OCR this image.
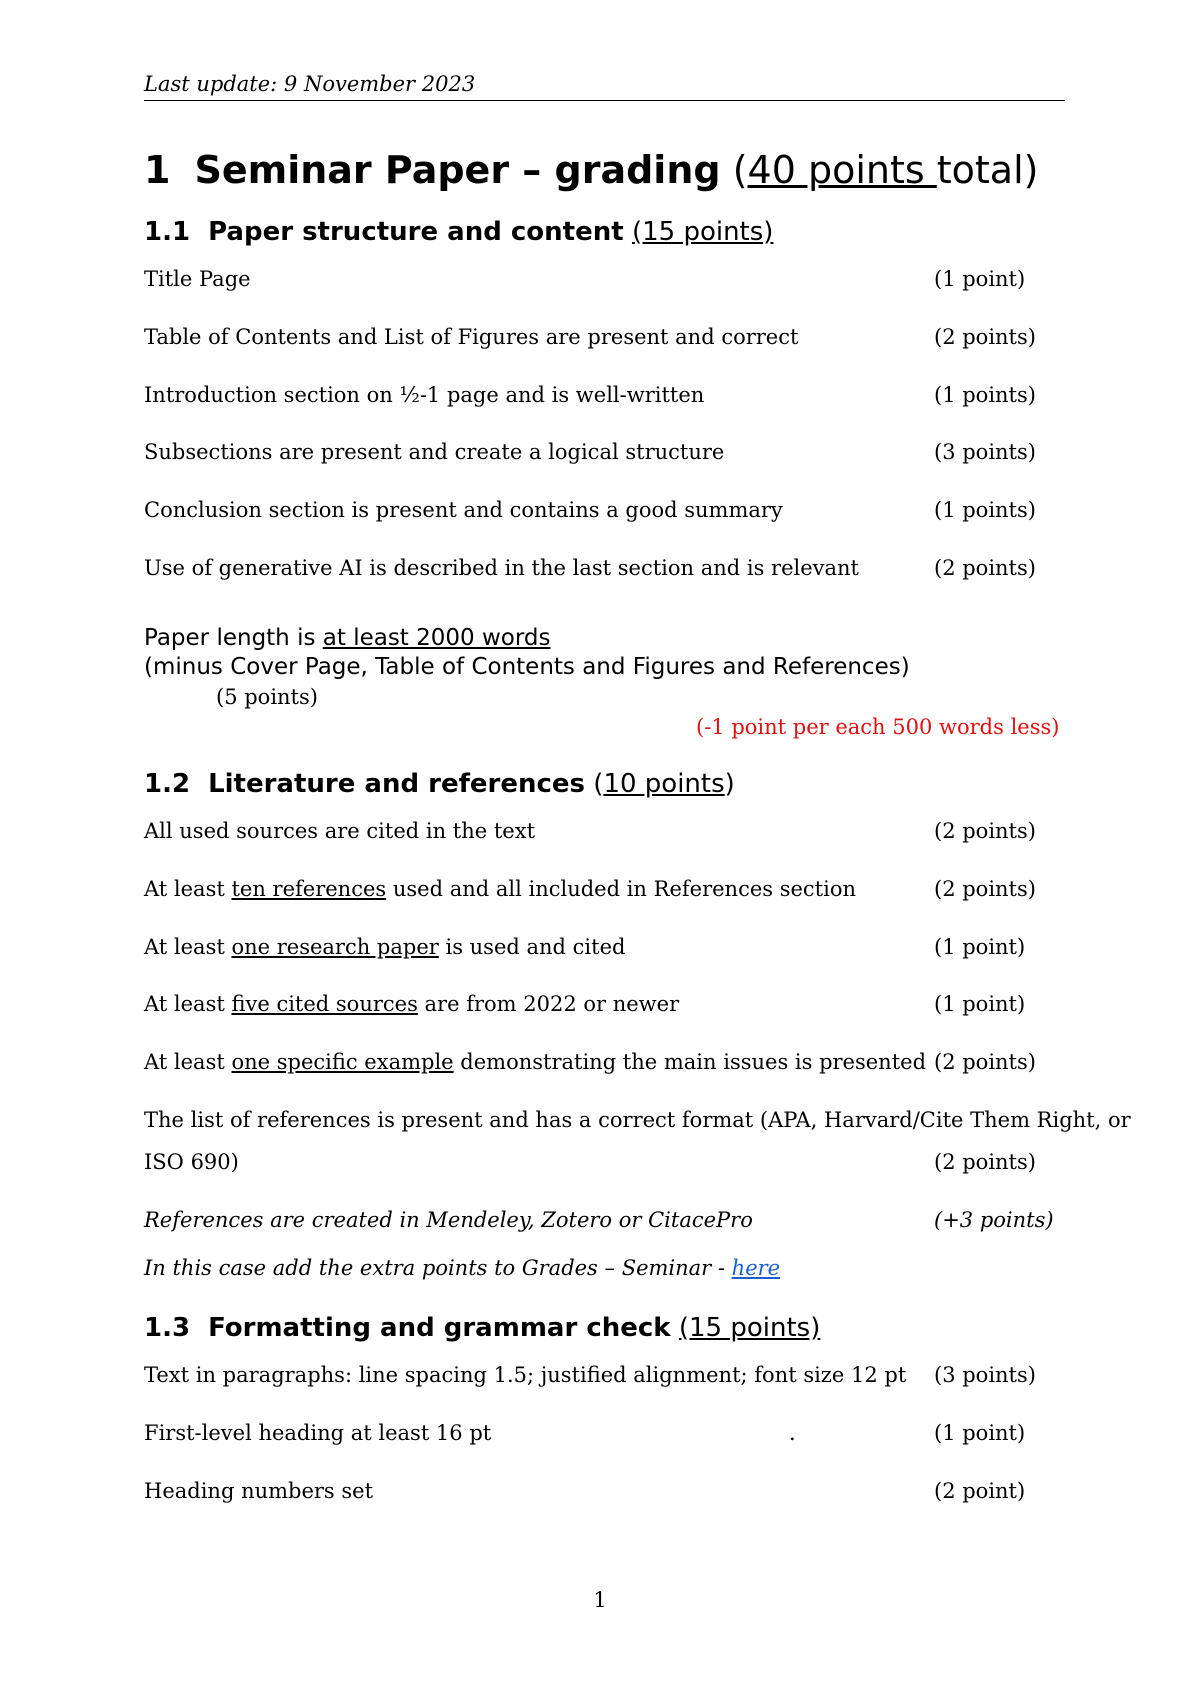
Last update: 9 November 2023
1 Seminar Paper – grading (40 points total)
1.1 Paper structure and content (15 points)
Title Page	(1 point)
Table of Contents and List of Figures are present and correct	(2 points)
Introduction section on ½-1 page and is well-written	(1 points)
Subsections are present and create a logical structure	(3 points)
Conclusion section is present and contains a good summary	(1 points)
Use of generative AI is described in the last section and is relevant	(2 points)
Paper length is at least 2000 words
(minus Cover Page, Table of Contents and Figures and References)
(5 points)
(-1 point per each 500 words less)
1.2 Literature and references (10 points)
All used sources are cited in the text	(2 points)
At least ten references used and all included in References section	(2 points)
At least one research paper is used and cited	(1 point)
At least five cited sources are from 2022 or newer	(1 point)
At least one specific example demonstrating the main issues is presented (2 points)
The list of references is present and has a correct format (APA, Harvard/Cite Them Right, or
ISO 690)	(2 points)
References are created in Mendeley, Zotero or CitacePro	(+3 points)
In this case add the extra points to Grades – Seminar - here
1.3 Formatting and grammar check (15 points)
Text in paragraphs: line spacing 1.5; justified alignment; font size 12 pt (3 points)
First-level heading at least 16 pt	.	(1 point)
Heading numbers set	(2 point)
1
